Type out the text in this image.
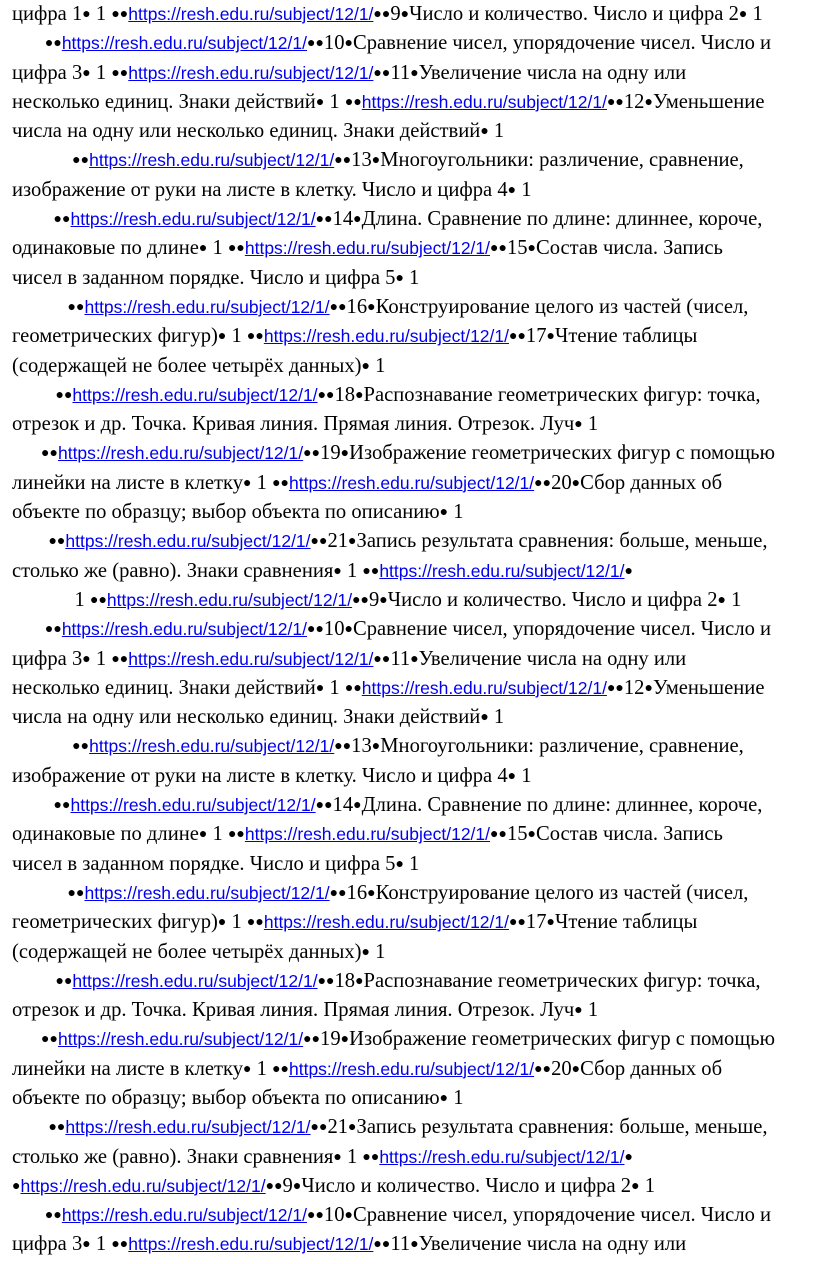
цифра 1● 1 ●●https://resh.edu.ru/subject/12/1/●●9●Число и количество. Число и цифра 2● 1
●●https://resh.edu.ru/subject/12/1/●●10●Сравнение чисел, упорядочение чисел. Число и
цифра 3● 1 ●●https://resh.edu.ru/subject/12/1/●●11●Увеличение числа на одну или
несколько единиц. Знаки действий● 1 ●●https://resh.edu.ru/subject/12/1/●●12●Уменьшение
числа на одну или несколько единиц. Знаки действий● 1
●●https://resh.edu.ru/subject/12/1/●●13●Многоугольники: различение, сравнение,
изображение от руки на листе в клетку. Число и цифра 4● 1
●●https://resh.edu.ru/subject/12/1/●●14●Длина. Сравнение по длине: длиннее, короче,
одинаковые по длине● 1 ●●https://resh.edu.ru/subject/12/1/●●15●Состав числа. Запись
чисел в заданном порядке. Число и цифра 5● 1
●●https://resh.edu.ru/subject/12/1/●●16●Конструирование целого из частей (чисел,
геометрических фигур)● 1 ●●https://resh.edu.ru/subject/12/1/●●17●Чтение таблицы
(содержащей не более четырёх данных)● 1
●●https://resh.edu.ru/subject/12/1/●●18●Распознавание геометрических фигур: точка,
отрезок и др. Точка. Кривая линия. Прямая линия. Отрезок. Луч● 1
●●https://resh.edu.ru/subject/12/1/●●19●Изображение геометрических фигур с помощью
линейки на листе в клетку● 1 ●●https://resh.edu.ru/subject/12/1/●●20●Сбор данных об
объекте по образцу; выбор объекта по описанию● 1
●●https://resh.edu.ru/subject/12/1/●●21●Запись результата сравнения: больше, меньше,
столько же (равно). Знаки сравнения● 1 ●●https://resh.edu.ru/subject/12/1/●
1 ●●https://resh.edu.ru/subject/12/1/●●9●Число и количество. Число и цифра 2● 1
●●https://resh.edu.ru/subject/12/1/●●10●Сравнение чисел, упорядочение чисел. Число и
цифра 3● 1 ●●https://resh.edu.ru/subject/12/1/●●11●Увеличение числа на одну или
несколько единиц. Знаки действий● 1 ●●https://resh.edu.ru/subject/12/1/●●12●Уменьшение
числа на одну или несколько единиц. Знаки действий● 1
●●https://resh.edu.ru/subject/12/1/●●13●Многоугольники: различение, сравнение,
изображение от руки на листе в клетку. Число и цифра 4● 1
●●https://resh.edu.ru/subject/12/1/●●14●Длина. Сравнение по длине: длиннее, короче,
одинаковые по длине● 1 ●●https://resh.edu.ru/subject/12/1/●●15●Состав числа. Запись
чисел в заданном порядке. Число и цифра 5● 1
●●https://resh.edu.ru/subject/12/1/●●16●Конструирование целого из частей (чисел,
геометрических фигур)● 1 ●●https://resh.edu.ru/subject/12/1/●●17●Чтение таблицы
(содержащей не более четырёх данных)● 1
●●https://resh.edu.ru/subject/12/1/●●18●Распознавание геометрических фигур: точка,
отрезок и др. Точка. Кривая линия. Прямая линия. Отрезок. Луч● 1
●●https://resh.edu.ru/subject/12/1/●●19●Изображение геометрических фигур с помощью
линейки на листе в клетку● 1 ●●https://resh.edu.ru/subject/12/1/●●20●Сбор данных об
объекте по образцу; выбор объекта по описанию● 1
●●https://resh.edu.ru/subject/12/1/●●21●Запись результата сравнения: больше, меньше,
столько же (равно). Знаки сравнения● 1 ●●https://resh.edu.ru/subject/12/1/●
●https://resh.edu.ru/subject/12/1/●●9●Число и количество. Число и цифра 2● 1
●●https://resh.edu.ru/subject/12/1/●●10●Сравнение чисел, упорядочение чисел. Число и
цифра 3● 1 ●●https://resh.edu.ru/subject/12/1/●●11●Увеличение числа на одну или
